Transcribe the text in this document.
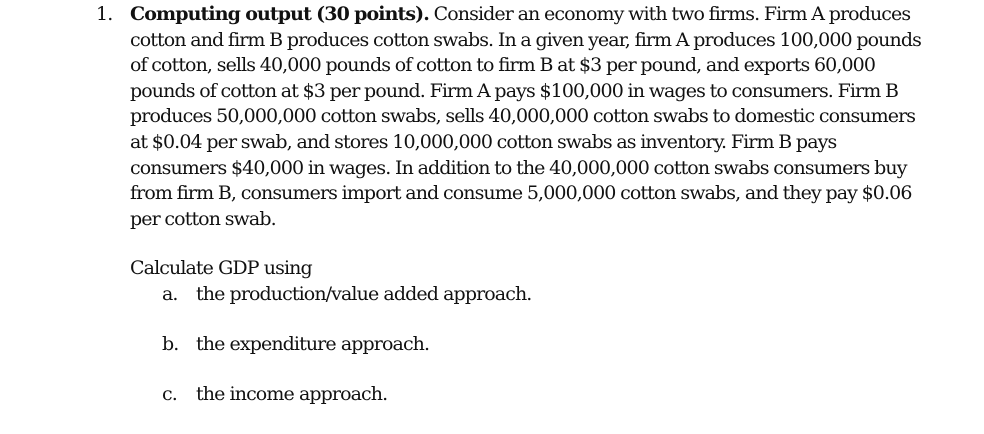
1. Computing output (30 points). Consider an economy with two firms. Firm A produces cotton and firm B produces cotton swabs. In a given year, firm A produces 100,000 pounds of cotton, sells 40,000 pounds of cotton to firm B at $3 per pound, and exports 60,000 pounds of cotton at $3 per pound. Firm A pays $100,000 in wages to consumers. Firm B produces 50,000,000 cotton swabs, sells 40,000,000 cotton swabs to domestic consumers at $0.04 per swab, and stores 10,000,000 cotton swabs as inventory. Firm B pays consumers $40,000 in wages. In addition to the 40,000,000 cotton swabs consumers buy from firm B, consumers import and consume 5,000,000 cotton swabs, and they pay $0.06 per cotton swab.
Calculate GDP using
a. the production/value added approach.
b. the expenditure approach.
c. the income approach.
